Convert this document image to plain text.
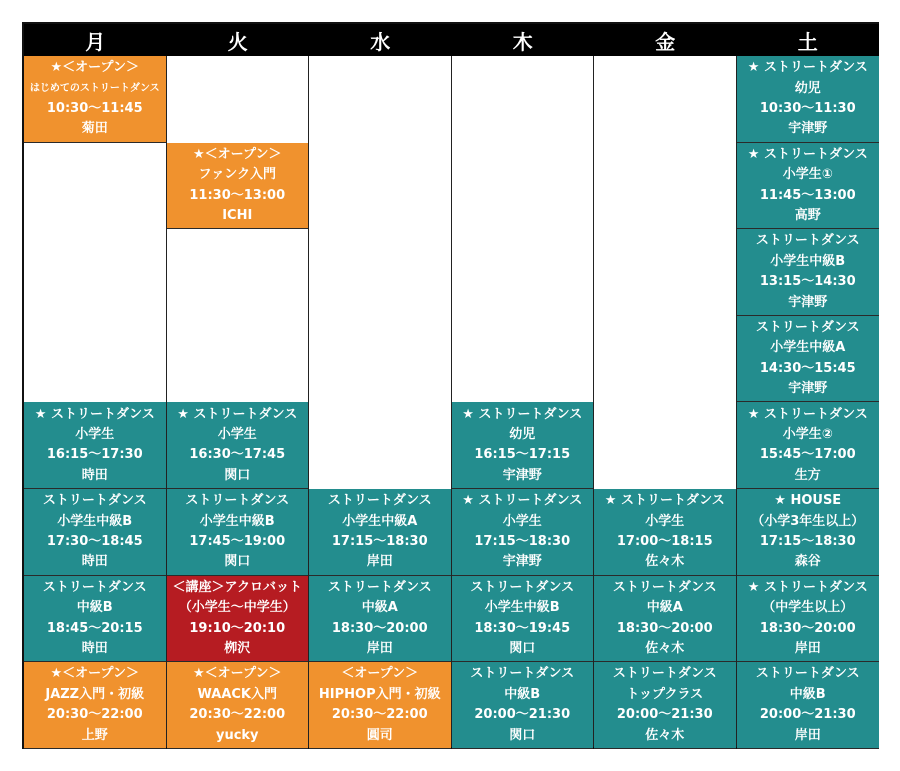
月
★＜オープン＞
はじめてのストリートダンス
10:30～11:45
菊田
★ ストリートダンス
小学生
16:15～17:30
時田
ストリートダンス
小学生中級B
17:30～18:45
時田
ストリートダンス
中級B
18:45～20:15
時田
★＜オープン＞
JAZZ入門・初級
20:30～22:00
上野
火
★＜オープン＞
ファンク入門
11:30～13:00
ICHI
★ ストリートダンス
小学生
16:30～17:45
関口
ストリートダンス
小学生中級B
17:45～19:00
関口
＜講座＞アクロバット
（小学生～中学生）
19:10～20:10
栁沢
★＜オープン＞
WAACK入門
20:30～22:00
yucky
水
ストリートダンス
小学生中級A
17:15～18:30
岸田
ストリートダンス
中級A
18:30～20:00
岸田
＜オープン＞
HIPHOP入門・初級
20:30～22:00
圓司
木
★ ストリートダンス
幼児
16:15～17:15
宇津野
★ ストリートダンス
小学生
17:15～18:30
宇津野
ストリートダンス
小学生中級B
18:30～19:45
関口
ストリートダンス
中級B
20:00～21:30
関口
金
★ ストリートダンス
小学生
17:00～18:15
佐々木
ストリートダンス
中級A
18:30～20:00
佐々木
ストリートダンス
トップクラス
20:00～21:30
佐々木
土
★ ストリートダンス
幼児
10:30～11:30
宇津野
★ ストリートダンス
小学生①
11:45～13:00
高野
ストリートダンス
小学生中級B
13:15～14:30
宇津野
ストリートダンス
小学生中級A
14:30～15:45
宇津野
★ ストリートダンス
小学生②
15:45～17:00
生方
★ HOUSE
（小学3年生以上）
17:15～18:30
森谷
★ ストリートダンス
（中学生以上）
18:30～20:00
岸田
ストリートダンス
中級B
20:00～21:30
岸田
